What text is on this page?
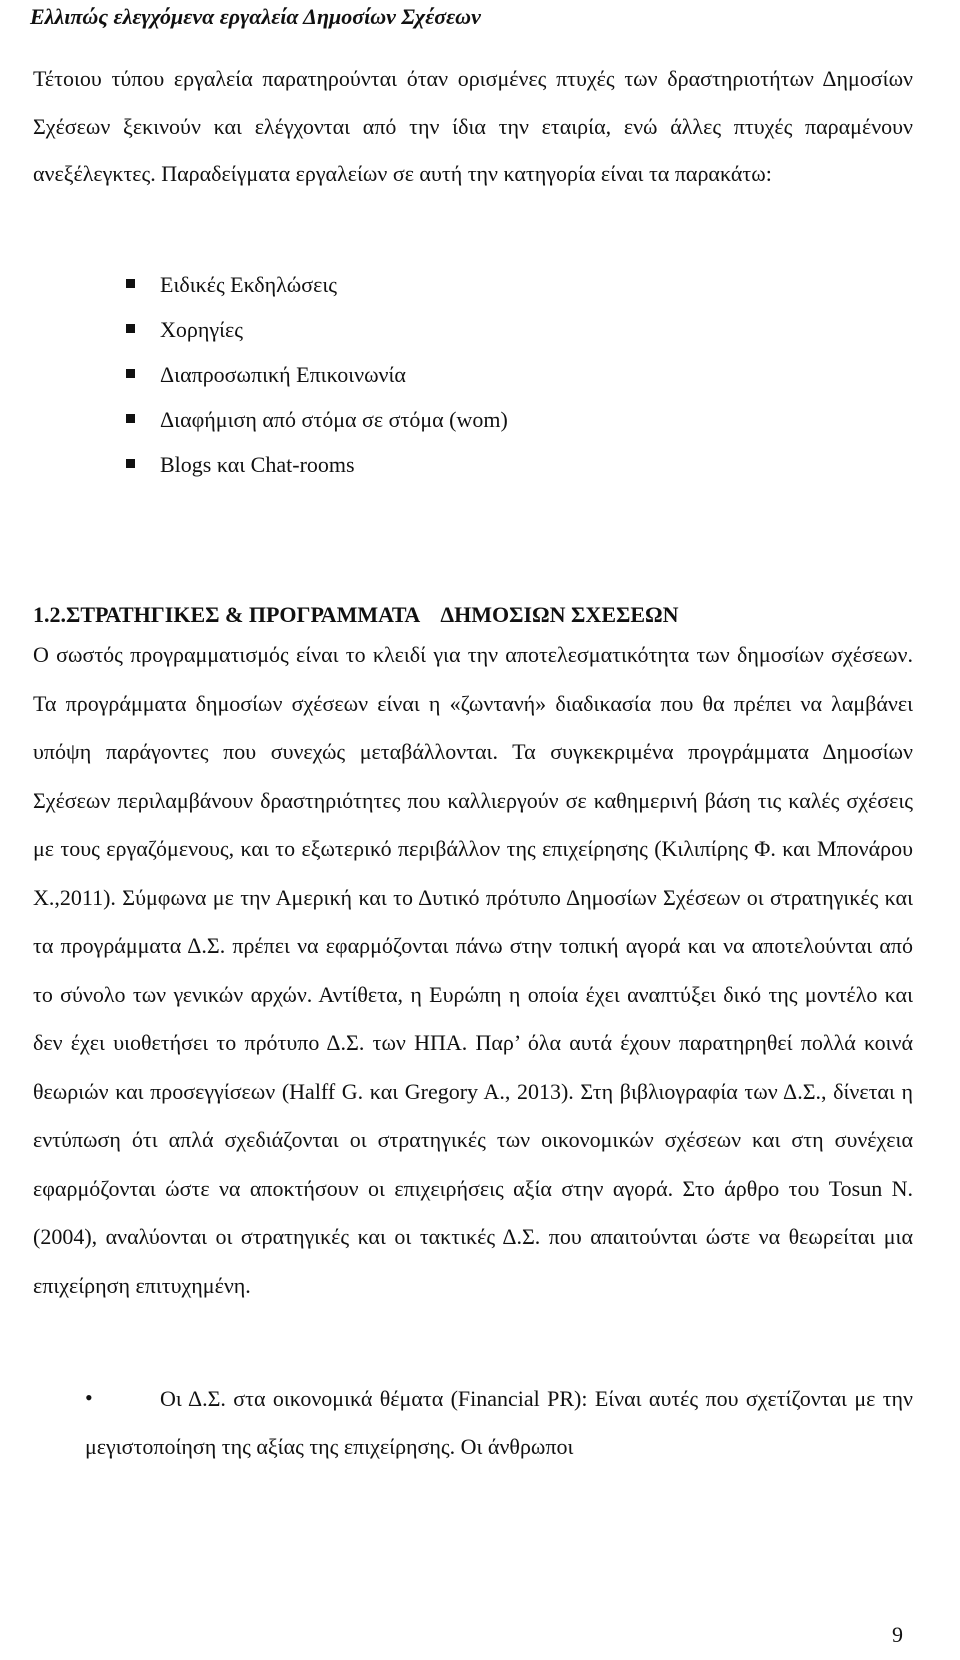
Ελλιπώς ελεγχόμενα εργαλεία Δημοσίων Σχέσεων

Τέτοιου τύπου εργαλεία παρατηρούνται όταν ορισμένες πτυχές των δραστηριοτήτων Δημοσίων Σχέσεων ξεκινούν και ελέγχονται από την ίδια την εταιρία, ενώ άλλες πτυχές παραμένουν ανεξέλεγκτες. Παραδείγματα εργαλείων σε αυτή την κατηγορία είναι τα παρακάτω:

Ειδικές Εκδηλώσεις
Χορηγίες
Διαπροσωπική Επικοινωνία
Διαφήμιση από στόμα σε στόμα (wom)
Blogs και Chat-rooms
1.2.ΣΤΡΑΤΗΓΙΚΕΣ & ΠΡΟΓΡΑΜΜΑΤΑ ΔΗΜΟΣΙΩΝ ΣΧΕΣΕΩΝ

Ο σωστός προγραμματισμός είναι το κλειδί για την αποτελεσματικότητα των δημοσίων σχέσεων. Τα προγράμματα δημοσίων σχέσεων είναι η «ζωντανή» διαδικασία που θα πρέπει να λαμβάνει υπόψη παράγοντες που συνεχώς μεταβάλλονται. Τα συγκεκριμένα προγράμματα Δημοσίων Σχέσεων περιλαμβάνουν δραστηριότητες που καλλιεργούν σε καθημερινή βάση τις καλές σχέσεις με τους εργαζόμενους, και το εξωτερικό περιβάλλον της επιχείρησης (Κιλιπίρης Φ. και Μπονάρου Χ.,2011). Σύμφωνα με την Αμερική και το Δυτικό πρότυπο Δημοσίων Σχέσεων οι στρατηγικές και τα προγράμματα Δ.Σ. πρέπει να εφαρμόζονται πάνω στην τοπική αγορά και να αποτελούνται από το σύνολο των γενικών αρχών. Αντίθετα, η Ευρώπη η οποία έχει αναπτύξει δικό της μοντέλο και δεν έχει υιοθετήσει το πρότυπο Δ.Σ. των ΗΠΑ. Παρ’ όλα αυτά έχουν παρατηρηθεί πολλά κοινά θεωριών και προσεγγίσεων (Halff G. και Gregory A., 2013). Στη βιβλιογραφία των Δ.Σ., δίνεται η εντύπωση ότι απλά σχεδιάζονται οι στρατηγικές των οικονομικών σχέσεων και στη συνέχεια εφαρμόζονται ώστε να αποκτήσουν οι επιχειρήσεις αξία στην αγορά. Στο άρθρο του Tosun N. (2004), αναλύονται οι στρατηγικές και οι τακτικές Δ.Σ. που απαιτούνται ώστε να θεωρείται μια επιχείρηση επιτυχημένη.

•	Οι Δ.Σ. στα οικονομικά θέματα (Financial PR): Είναι αυτές που σχετίζονται με την μεγιστοποίηση της αξίας της επιχείρησης. Οι άνθρωποι

9
